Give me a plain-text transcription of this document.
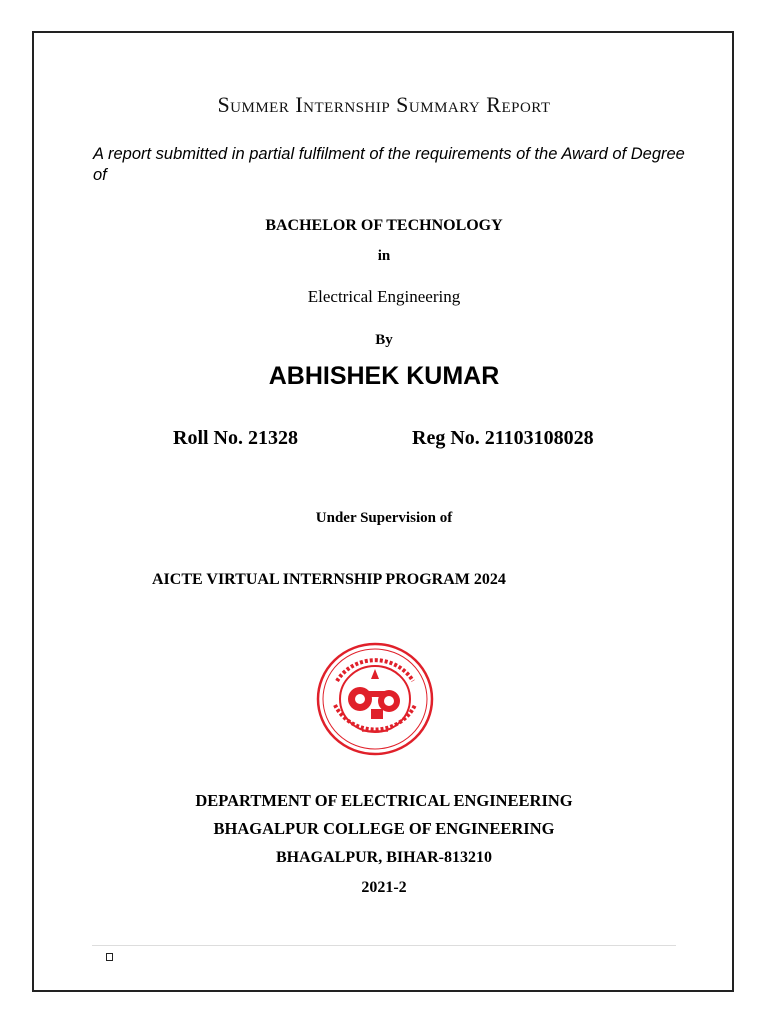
Summer Internship Summary Report
A report submitted in partial fulfilment of the requirements of the Award of Degree of
BACHELOR OF TECHNOLOGY
in
Electrical Engineering
By
ABHISHEK KUMAR
Roll No. 21328	Reg No. 21103108028
Under Supervision of
AICTE VIRTUAL INTERNSHIP PROGRAM 2024
DEPARTMENT OF ELECTRICAL ENGINEERING
BHAGALPUR COLLEGE OF ENGINEERING
BHAGALPUR, BIHAR-813210
2021-2
